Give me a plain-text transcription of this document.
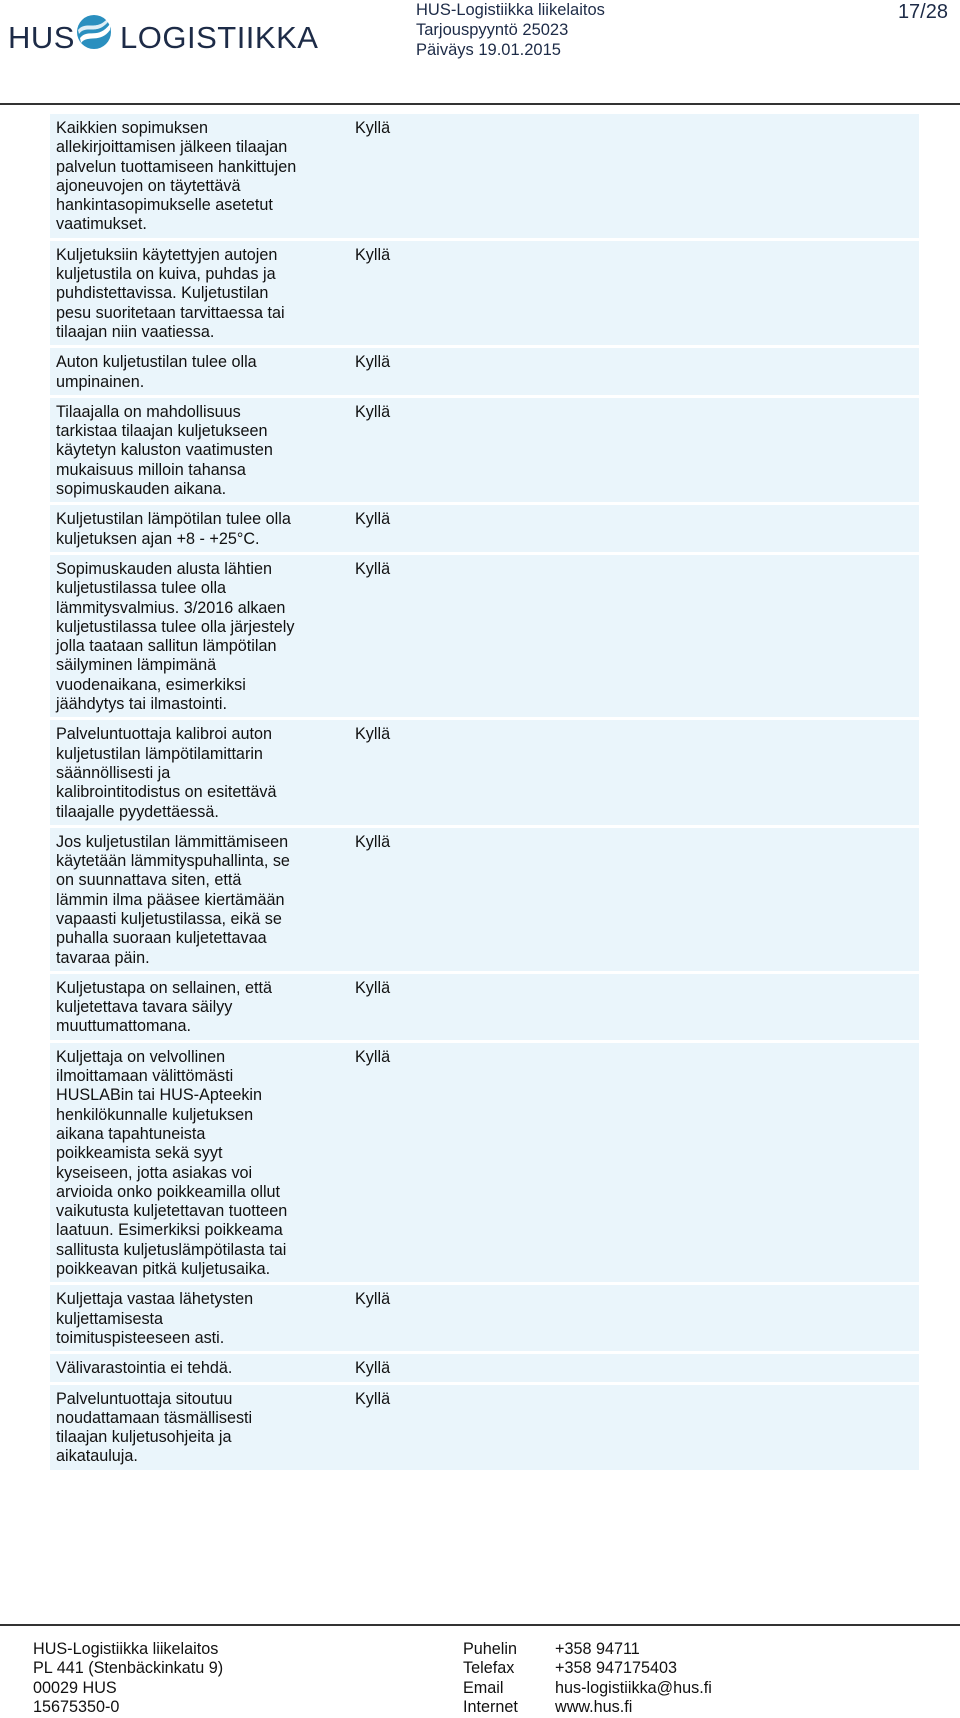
HUS LOGISTIIKKA
HUS-Logistiikka liikelaitos
Tarjouspyyntö 25023
Päiväys 19.01.2015
17/28
Kaikkien sopimuksen allekirjoittamisen jälkeen tilaajan palvelun tuottamiseen hankittujen ajoneuvojen on täytettävä hankintasopimukselle asetetut vaatimukset.
Kyllä
Kuljetuksiin käytettyjen autojen kuljetustila on kuiva, puhdas ja puhdistettavissa. Kuljetustilan pesu suoritetaan tarvittaessa tai tilaajan niin vaatiessa.
Kyllä
Auton kuljetustilan tulee olla umpinainen.
Kyllä
Tilaajalla on mahdollisuus tarkistaa tilaajan kuljetukseen käytetyn kaluston vaatimusten mukaisuus milloin tahansa sopimuskauden aikana.
Kyllä
Kuljetustilan lämpötilan tulee olla kuljetuksen ajan +8 - +25°C.
Kyllä
Sopimuskauden alusta lähtien kuljetustilassa tulee olla lämmitysvalmius. 3/2016 alkaen kuljetustilassa tulee olla järjestely jolla taataan sallitun lämpötilan säilyminen lämpimänä vuodenaikana, esimerkiksi jäähdytys tai ilmastointi.
Kyllä
Palveluntuottaja kalibroi auton kuljetustilan lämpötilamittarin säännöllisesti ja kalibrointitodistus on esitettävä tilaajalle pyydettäessä.
Kyllä
Jos kuljetustilan lämmittämiseen käytetään lämmityspuhallinta, se on suunnattava siten, että lämmin ilma pääsee kiertämään vapaasti kuljetustilassa, eikä se puhalla suoraan kuljetettavaa tavaraa päin.
Kyllä
Kuljetustapa on sellainen, että kuljetettava tavara säilyy muuttumattomana.
Kyllä
Kuljettaja on velvollinen ilmoittamaan välittömästi HUSLABin tai HUS-Apteekin henkilökunnalle kuljetuksen aikana tapahtuneista poikkeamista sekä syyt kyseiseen, jotta asiakas voi arvioida onko poikkeamilla ollut vaikutusta kuljetettavan tuotteen laatuun. Esimerkiksi poikkeama sallitusta kuljetuslämpötilasta tai poikkeavan pitkä kuljetusaika.
Kyllä
Kuljettaja vastaa lähetysten kuljettamisesta toimituspisteeseen asti.
Kyllä
Välivarastointia ei tehdä.	Kyllä
Palveluntuottaja sitoutuu noudattamaan täsmällisesti tilaajan kuljetusohjeita ja aikatauluja.
Kyllä
HUS-Logistiikka liikelaitos
PL 441 (Stenbäckinkatu 9)
00029 HUS
15675350-0
Puhelin	+358 94711
Telefax	+358 947175403
Email	hus-logistiikka@hus.fi
Internet	www.hus.fi
